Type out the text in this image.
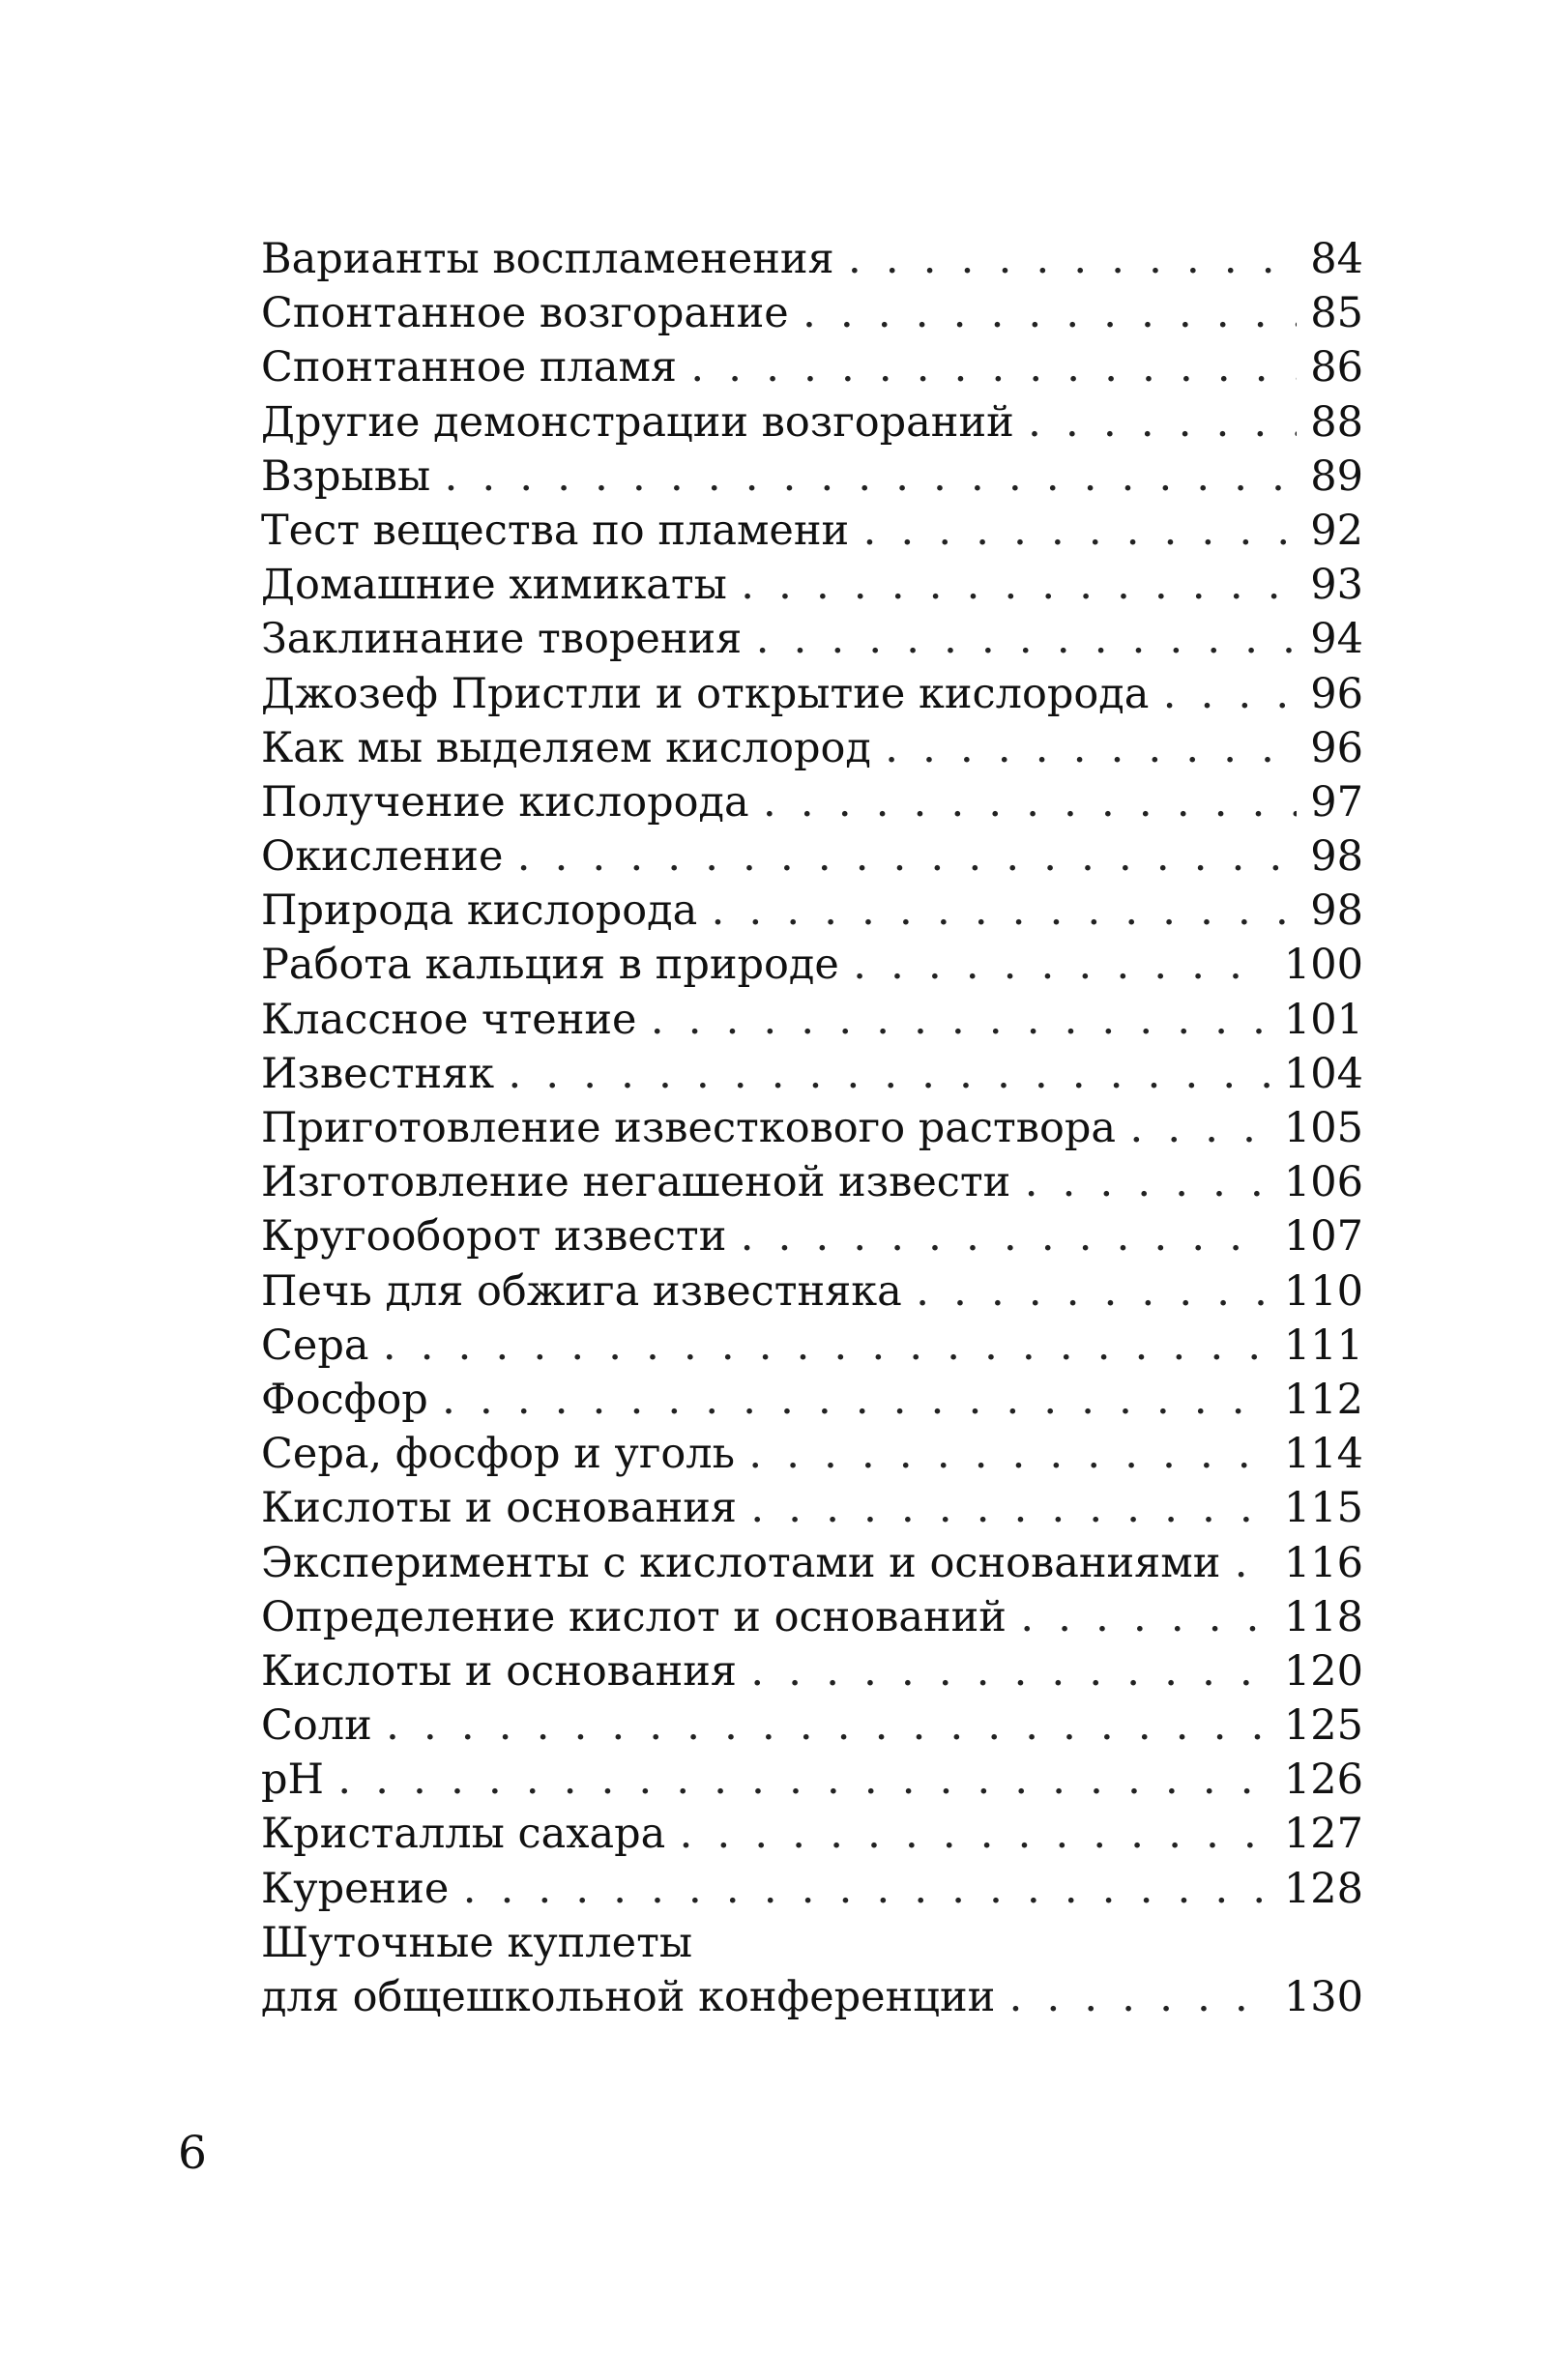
Варианты воспламенения . . .	84
Спонтанное возгорание . . .	85
Спонтанное пламя . . .	86
Другие демонстрации возгораний . . .	88
Взрывы . . .	89
Тест вещества по пламени . . .	92
Домашние химикаты . . .	93
Заклинание творения . . .	94
Джозеф Пристли и открытие кислорода . . .	96
Как мы выделяем кислород . . .	96
Получение кислорода . . .	97
Окисление . . .	98
Природа кислорода . . .	98
Работа кальция в природе . . .	100
Классное чтение . . .	101
Известняк . . .	104
Приготовление известкового раствора . . .	105
Изготовление негашеной извести . . .	106
Кругооборот извести . . .	107
Печь для обжига известняка . . .	110
Сера . . .	111
Фосфор . . .	112
Сера, фосфор и уголь . . .	114
Кислоты и основания . . .	115
Эксперименты с кислотами и основаниями . . . 116
Определение кислот и оснований . . .	118
Кислоты и основания . . .	120
Соли . . .	125
pH . . .	126
Кристаллы сахара . . .	127
Курение . . .	128
Шуточные куплеты
для общешкольной конференции . . .	130
6
